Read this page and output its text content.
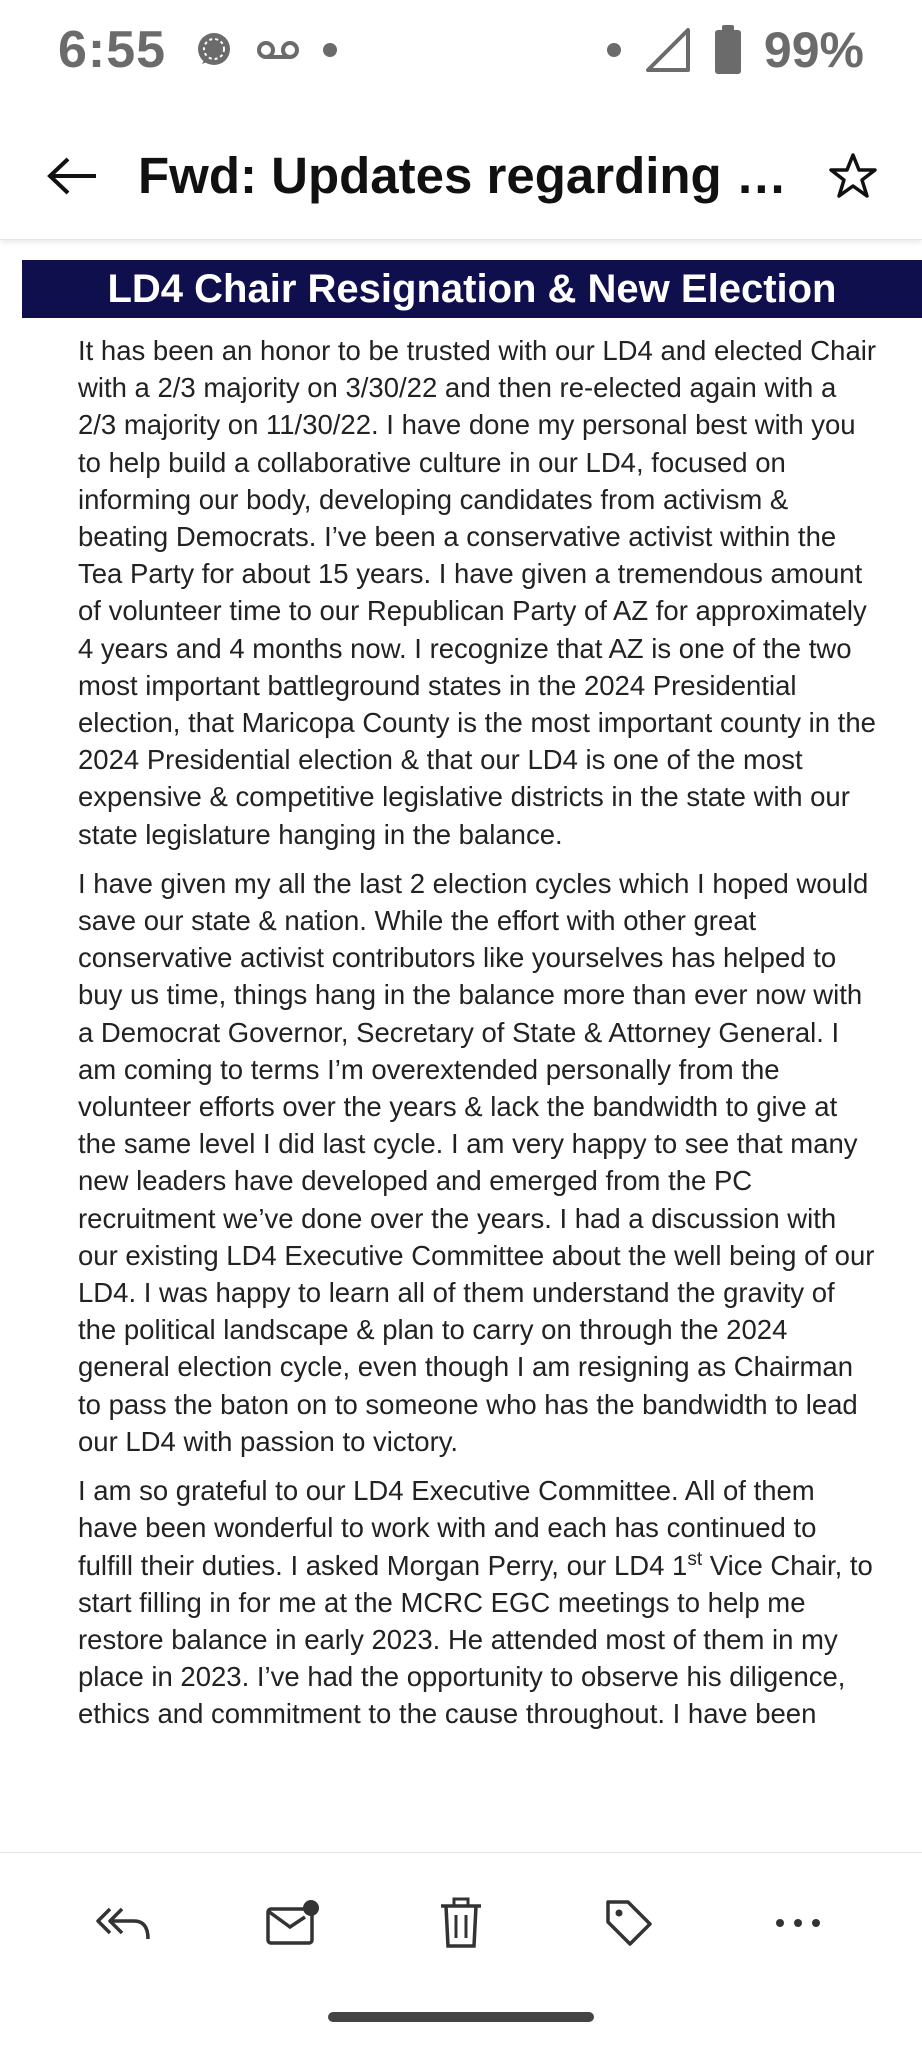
6:55	99%
Fwd: Updates regarding …
LD4 Chair Resignation & New Election

It has been an honor to be trusted with our LD4 and elected Chair with a 2/3 majority on 3/30/22 and then re-elected again with a 2/3 majority on 11/30/22. I have done my personal best with you to help build a collaborative culture in our LD4, focused on informing our body, developing candidates from activism & beating Democrats. I’ve been a conservative activist within the Tea Party for about 15 years. I have given a tremendous amount of volunteer time to our Republican Party of AZ for approximately 4 years and 4 months now. I recognize that AZ is one of the two most important battleground states in the 2024 Presidential election, that Maricopa County is the most important county in the 2024 Presidential election & that our LD4 is one of the most expensive & competitive legislative districts in the state with our state legislature hanging in the balance.

I have given my all the last 2 election cycles which I hoped would save our state & nation. While the effort with other great conservative activist contributors like yourselves has helped to buy us time, things hang in the balance more than ever now with a Democrat Governor, Secretary of State & Attorney General. I am coming to terms I’m overextended personally from the volunteer efforts over the years & lack the bandwidth to give at the same level I did last cycle. I am very happy to see that many new leaders have developed and emerged from the PC recruitment we’ve done over the years. I had a discussion with our existing LD4 Executive Committee about the well being of our LD4. I was happy to learn all of them understand the gravity of the political landscape & plan to carry on through the 2024 general election cycle, even though I am resigning as Chairman to pass the baton on to someone who has the bandwidth to lead our LD4 with passion to victory.

I am so grateful to our LD4 Executive Committee. All of them have been wonderful to work with and each has continued to fulfill their duties. I asked Morgan Perry, our LD4 1st Vice Chair, to start filling in for me at the MCRC EGC meetings to help me restore balance in early 2023. He attended most of them in my place in 2023. I’ve had the opportunity to observe his diligence, ethics and commitment to the cause throughout. I have been
